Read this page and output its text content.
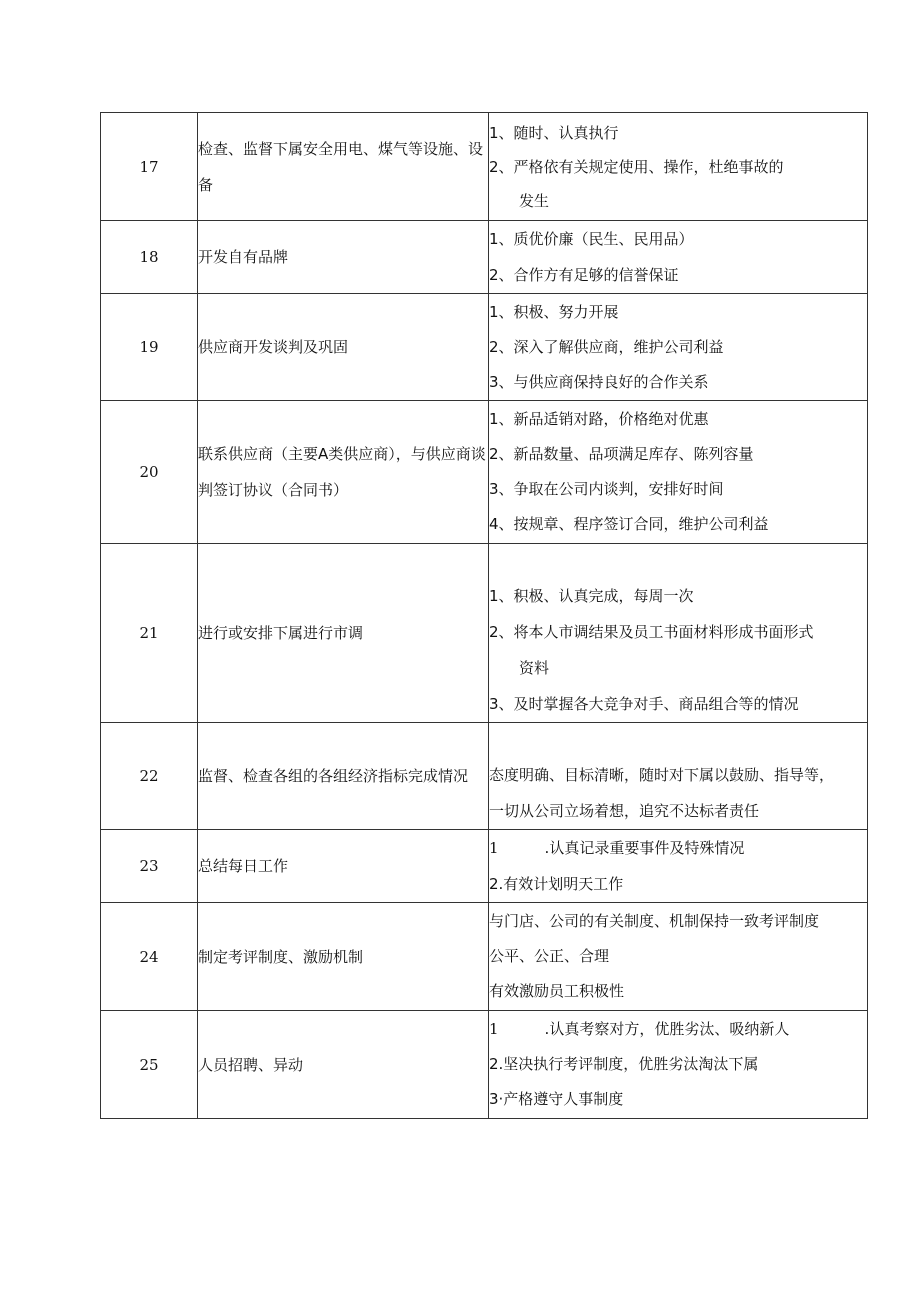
17	检查、监督下属安全用电、煤气等设施、设备	1、随时、认真执行
2、严格依有关规定使用、操作，杜绝事故的
发生

18	开发自有品牌	1、质优价廉（民生、民用品）
2、合作方有足够的信誉保证

19	供应商开发谈判及巩固	1、积极、努力开展
2、深入了解供应商，维护公司利益
3、与供应商保持良好的合作关系

20	联系供应商（主要A类供应商），与供应商谈判签订协议（合同书）	1、新品适销对路，价格绝对优惠
2、新品数量、品项满足库存、陈列容量
3、争取在公司内谈判，安排好时间
4、按规章、程序签订合同，维护公司利益

21	进行或安排下属进行市调	1、积极、认真完成，每周一次
2、将本人市调结果及员工书面材料形成书面形式
资料
3、及时掌握各大竞争对手、商品组合等的情况

22	监督、检查各组的各组经济指标完成情况	态度明确、目标清晰，随时对下属以鼓励、指导等，
一切从公司立场着想，追究不达标者责任

23	总结每日工作	1 .认真记录重要事件及特殊情况
2.有效计划明天工作

24	制定考评制度、激励机制	与门店、公司的有关制度、机制保持一致考评制度
公平、公正、合理
有效激励员工积极性

25	人员招聘、异动	1 .认真考察对方，优胜劣汰、吸纳新人
2.坚决执行考评制度，优胜劣汰淘汰下属
3·产格遵守人事制度
